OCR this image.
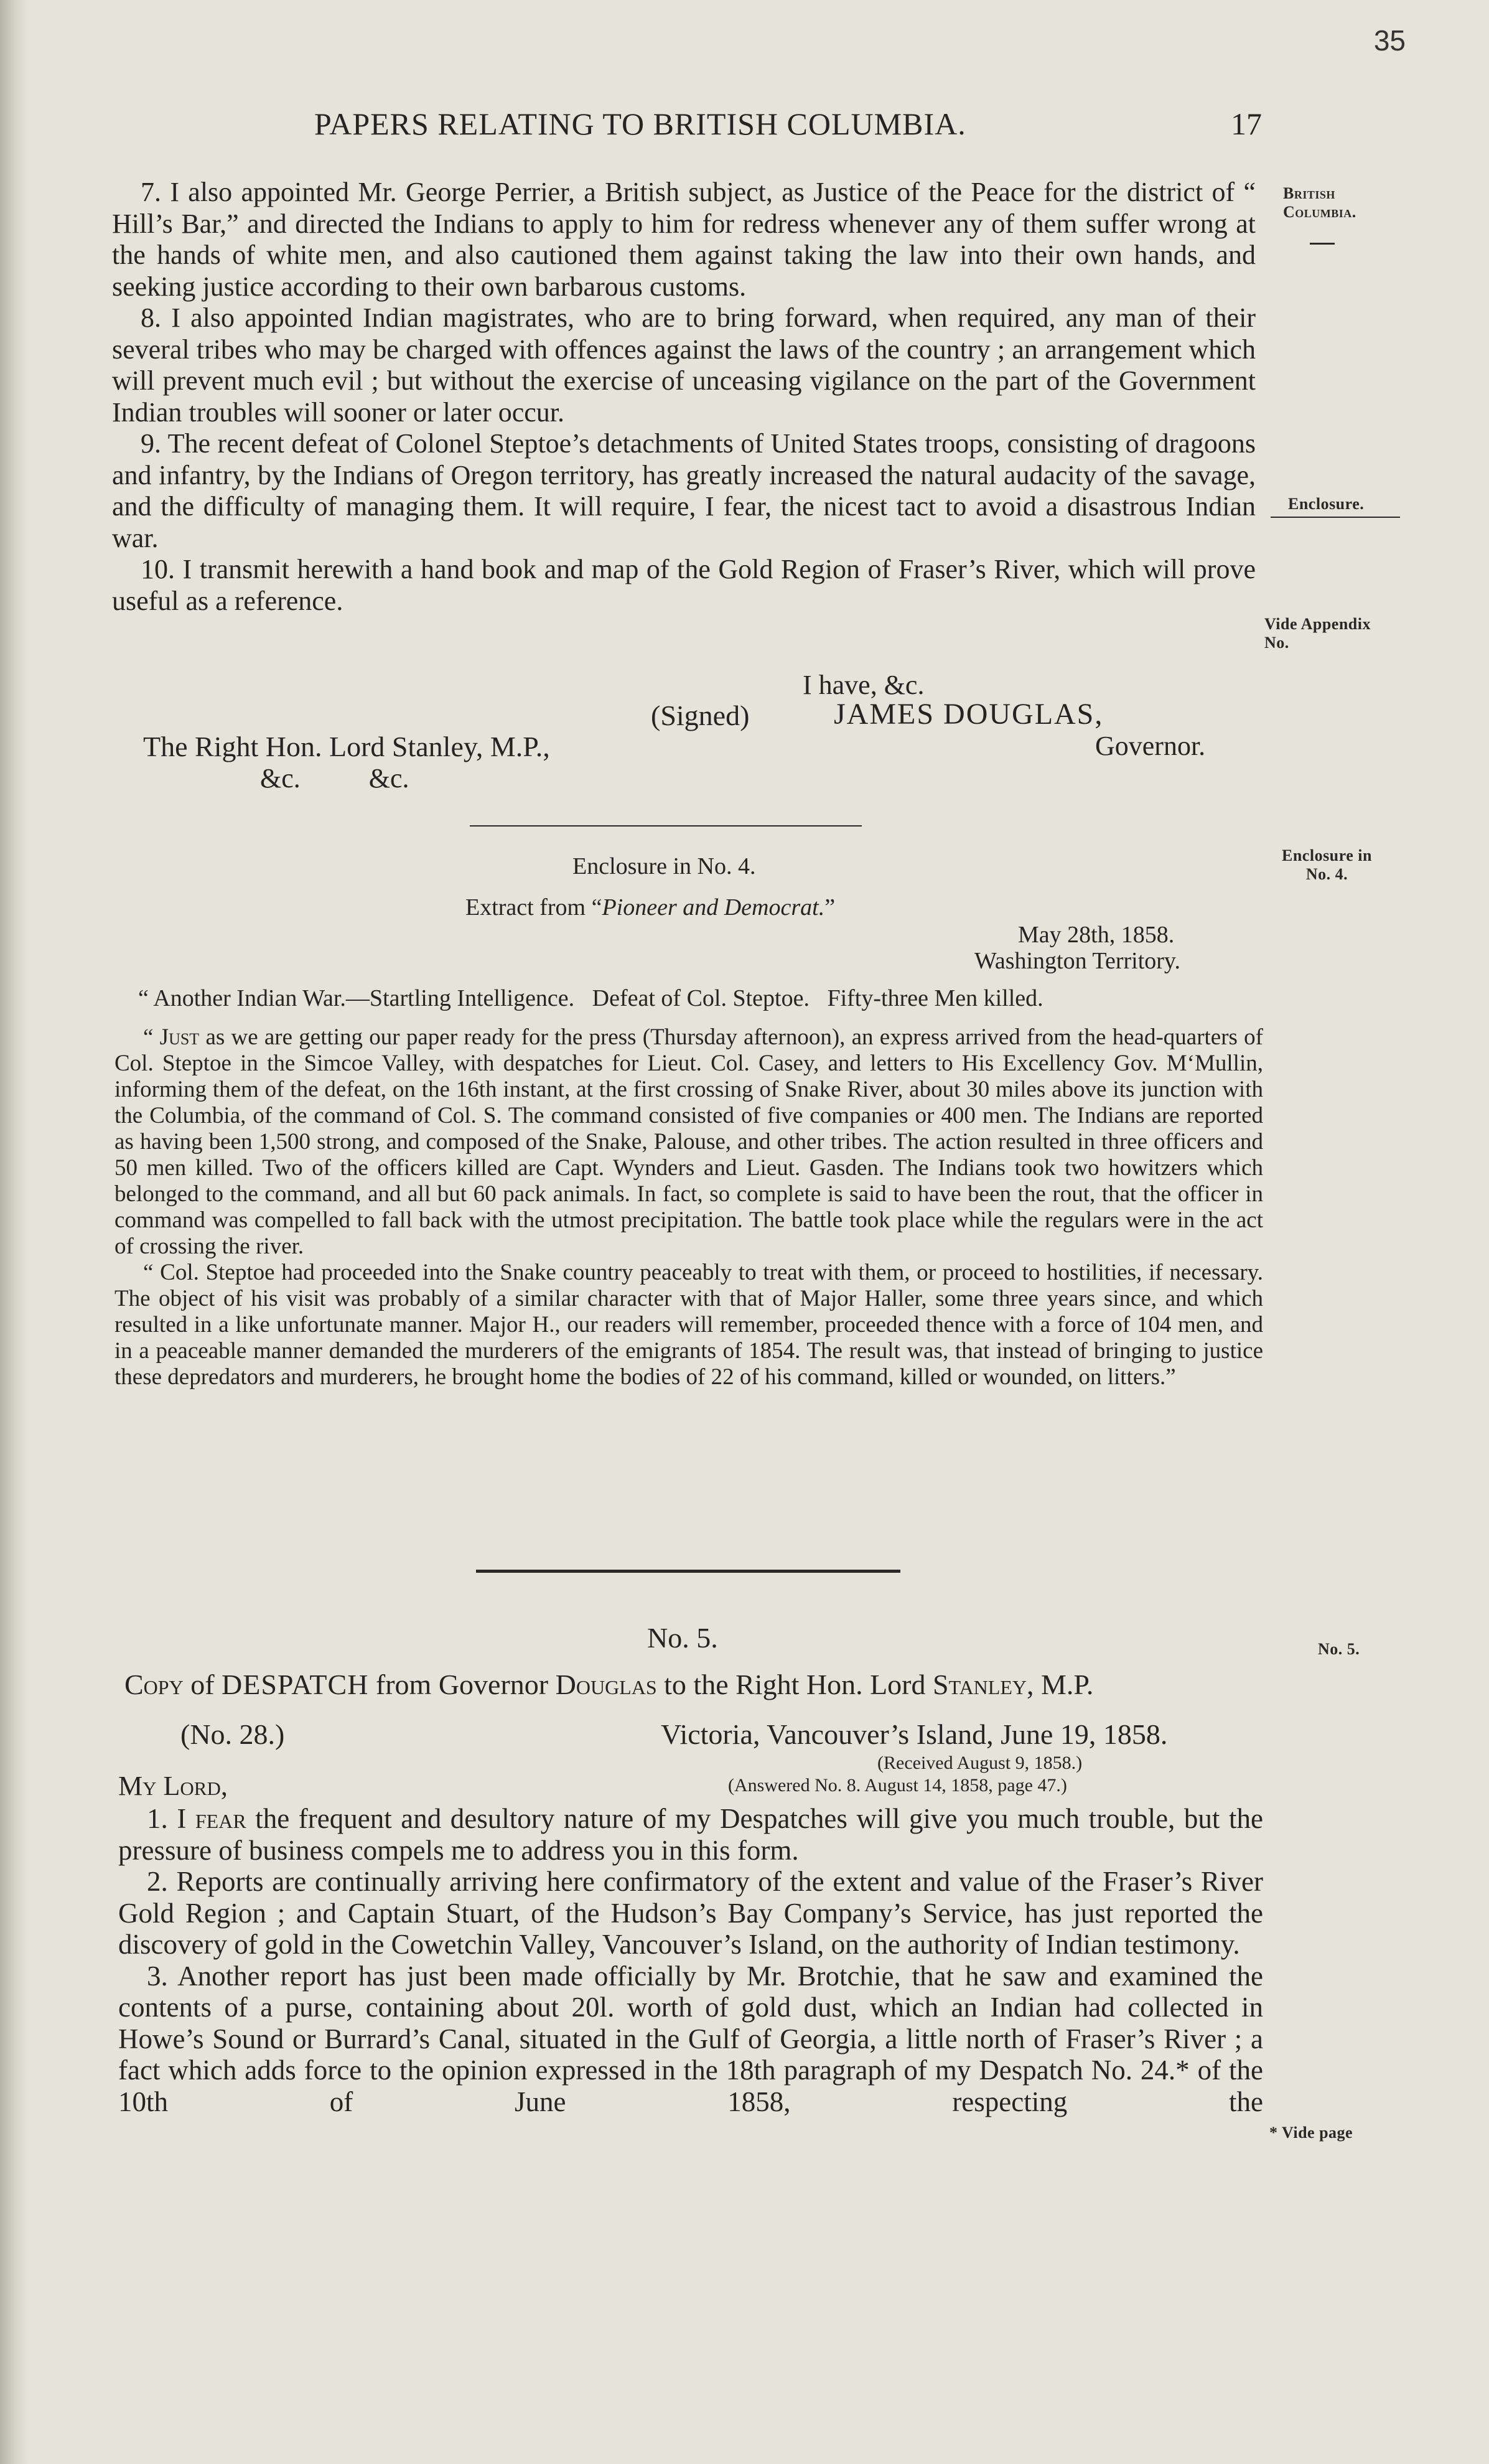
35
PAPERS RELATING TO BRITISH COLUMBIA.	17
British
Columbia.
Enclosure.
Vide Appendix
No.
Enclosure in
No. 4.
No. 5.
* Vide page

7. I also appointed Mr. George Perrier, a British subject, as Justice of the Peace for the district of “ Hill’s Bar,” and directed the Indians to apply to him for redress whenever any of them suffer wrong at the hands of white men, and also cautioned them against taking the law into their own hands, and seeking justice according to their own barbarous customs.

8. I also appointed Indian magistrates, who are to bring forward, when required, any man of their several tribes who may be charged with offences against the laws of the country ; an arrangement which will prevent much evil ; but without the exercise of unceasing vigilance on the part of the Government Indian troubles will sooner or later occur.

9. The recent defeat of Colonel Steptoe’s detachments of United States troops, consisting of dragoons and infantry, by the Indians of Oregon territory, has greatly increased the natural audacity of the savage, and the difficulty of managing them. It will require, I fear, the nicest tact to avoid a disastrous Indian war.

10. I transmit herewith a hand book and map of the Gold Region of Fraser’s River, which will prove useful as a reference.

I have, &c.
(Signed)	JAMES DOUGLAS,
The Right Hon. Lord Stanley, M.P.,	Governor.
&c.          &c.
Enclosure in No. 4.
Extract from “Pioneer and Democrat.”
May 28th, 1858.
Washington Territory.
“ Another Indian War.—Startling Intelligence.   Defeat of Col. Steptoe.   Fifty-three Men killed.

“ Just as we are getting our paper ready for the press (Thursday afternoon), an express arrived from the head-quarters of Col. Steptoe in the Simcoe Valley, with despatches for Lieut. Col. Casey, and letters to His Excellency Gov. M‘Mullin, informing them of the defeat, on the 16th instant, at the first crossing of Snake River, about 30 miles above its junction with the Columbia, of the command of Col. S. The command consisted of five companies or 400 men. The Indians are reported as having been 1,500 strong, and composed of the Snake, Palouse, and other tribes. The action resulted in three officers and 50 men killed. Two of the officers killed are Capt. Wynders and Lieut. Gasden. The Indians took two howitzers which belonged to the command, and all but 60 pack animals. In fact, so complete is said to have been the rout, that the officer in command was compelled to fall back with the utmost precipitation. The battle took place while the regulars were in the act of crossing the river.

“ Col. Steptoe had proceeded into the Snake country peaceably to treat with them, or proceed to hostilities, if necessary. The object of his visit was probably of a similar character with that of Major Haller, some three years since, and which resulted in a like unfortunate manner. Major H., our readers will remember, proceeded thence with a force of 104 men, and in a peaceable manner demanded the murderers of the emigrants of 1854. The result was, that instead of bringing to justice these depredators and murderers, he brought home the bodies of 22 of his command, killed or wounded, on litters.”

No. 5.
Copy of DESPATCH from Governor Douglas to the Right Hon. Lord Stanley, M.P.
(No. 28.)	Victoria, Vancouver’s Island, June 19, 1858.
(Received August 9, 1858.)
My Lord,	(Answered No. 8. August 14, 1858, page 47.)

1. I fear the frequent and desultory nature of my Despatches will give you much trouble, but the pressure of business compels me to address you in this form.

2. Reports are continually arriving here confirmatory of the extent and value of the Fraser’s River Gold Region ; and Captain Stuart, of the Hudson’s Bay Company’s Service, has just reported the discovery of gold in the Cowetchin Valley, Vancouver’s Island, on the authority of Indian testimony.

3. Another report has just been made officially by Mr. Brotchie, that he saw and examined the contents of a purse, containing about 20l. worth of gold dust, which an Indian had collected in Howe’s Sound or Burrard’s Canal, situated in the Gulf of Georgia, a little north of Fraser’s River ; a fact which adds force to the opinion expressed in the 18th paragraph of my Despatch No. 24.* of the 10th of June 1858, respecting the
